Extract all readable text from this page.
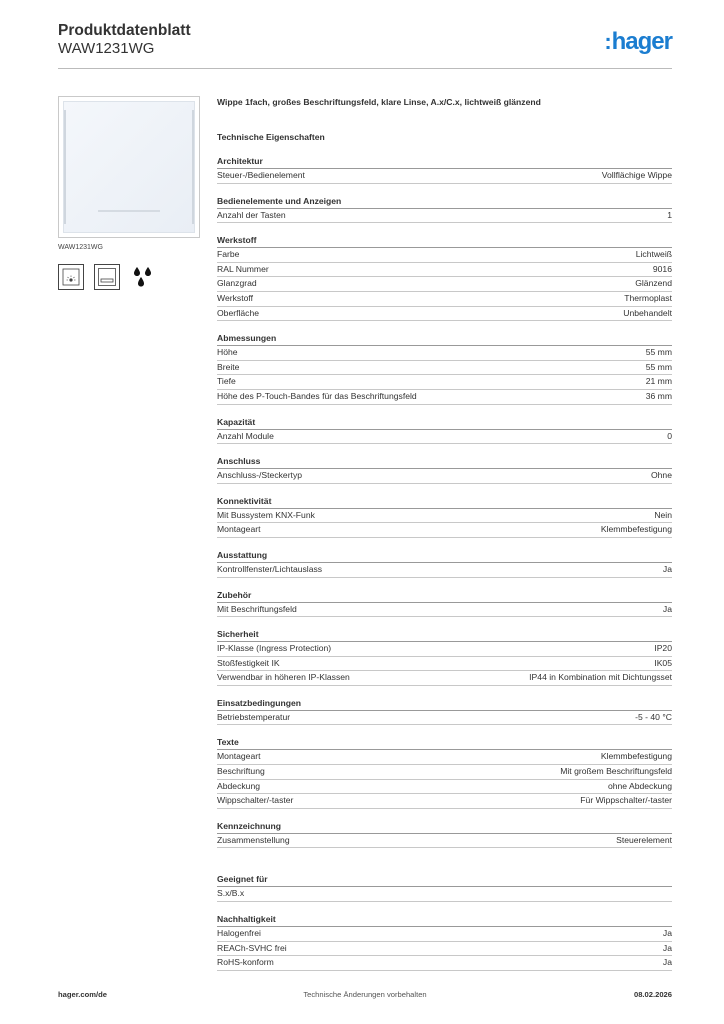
Produktdatenblatt
WAW1231WG	:hager
WAW1231WG
Wippe 1fach, großes Beschriftungsfeld, klare Linse, A.x/C.x, lichtweiß glänzend
Technische Eigenschaften
Architektur
Steuer-/Bedienelement	Vollflächige Wippe
Bedienelemente und Anzeigen
Anzahl der Tasten	1
Werkstoff
Farbe	Lichtweiß
RAL Nummer	9016
Glanzgrad	Glänzend
Werkstoff	Thermoplast
Oberfläche	Unbehandelt
Abmessungen
Höhe	55 mm
Breite	55 mm
Tiefe	21 mm
Höhe des P-Touch-Bandes für das Beschriftungsfeld	36 mm
Kapazität
Anzahl Module	0
Anschluss
Anschluss-/Steckertyp	Ohne
Konnektivität
Mit Bussystem KNX-Funk	Nein
Montageart	Klemmbefestigung
Ausstattung
Kontrollfenster/Lichtauslass	Ja
Zubehör
Mit Beschriftungsfeld	Ja
Sicherheit
IP-Klasse (Ingress Protection)	IP20
Stoßfestigkeit IK	IK05
Verwendbar in höheren IP-Klassen	IP44 in Kombination mit Dichtungsset
Einsatzbedingungen
Betriebstemperatur	-5 - 40 °C
Texte
Montageart	Klemmbefestigung
Beschriftung	Mit großem Beschriftungsfeld
Abdeckung	ohne Abdeckung
Wippschalter/-taster	Für Wippschalter/-taster
Kennzeichnung
Zusammenstellung	Steuerelement
Geeignet für
S.x/B.x
Nachhaltigkeit
Halogenfrei	Ja
REACh-SVHC frei	Ja
RoHS-konform	Ja
hager.com/de	Technische Änderungen vorbehalten	08.02.2026
